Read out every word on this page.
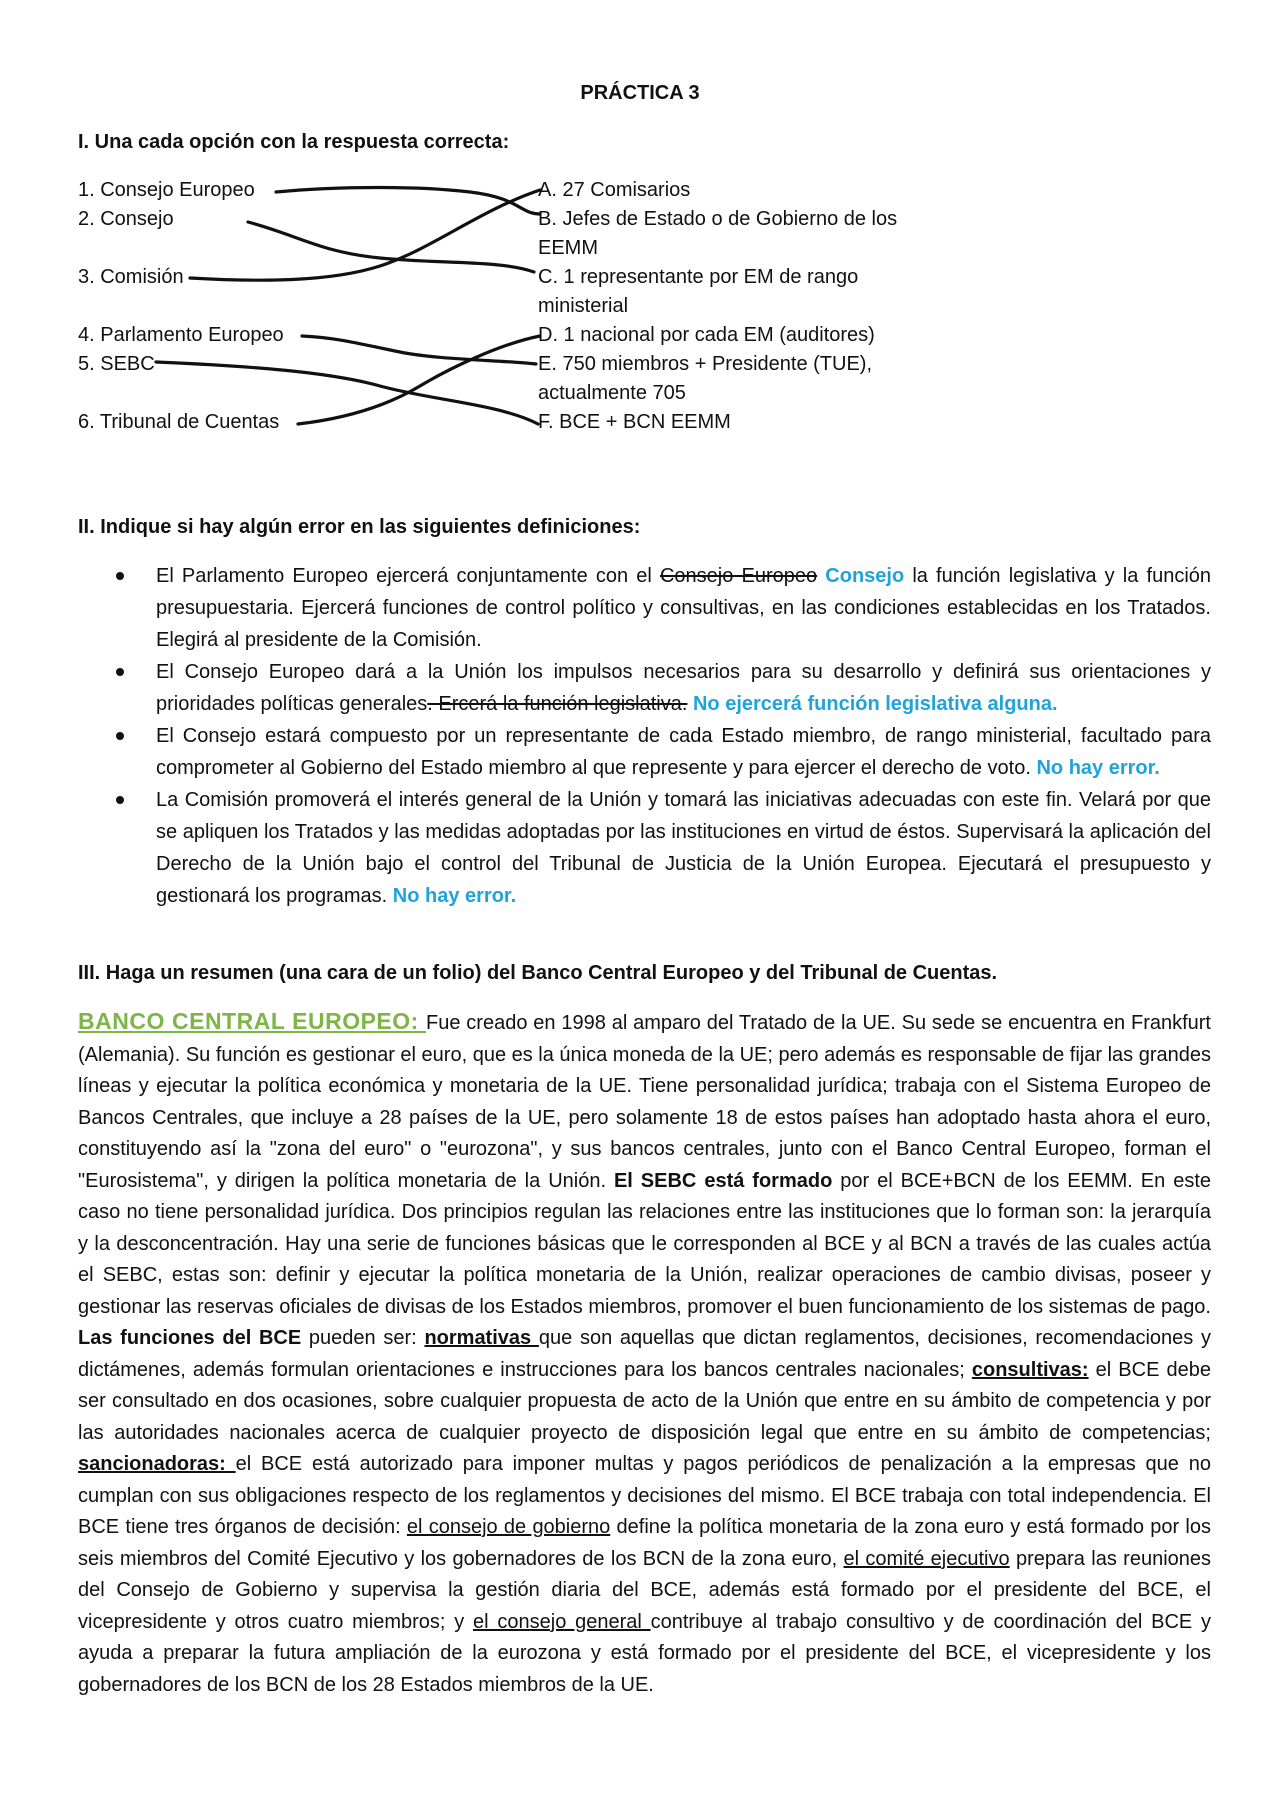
PRÁCTICA 3
I. Una cada opción con la respuesta correcta:
1. Consejo Europeo
2. Consejo
3. Comisión
4. Parlamento Europeo
5. SEBC
6. Tribunal de Cuentas
A. 27 Comisarios
B. Jefes de Estado o de Gobierno de los
EEMM
C. 1 representante por EM de rango
ministerial
D. 1 nacional por cada EM (auditores)
E. 750 miembros + Presidente (TUE),
actualmente 705
F. BCE + BCN EEMM
II. Indique si hay algún error en las siguientes definiciones:
El Parlamento Europeo ejercerá conjuntamente con el Consejo Europeo Consejo la función legislativa y la función presupuestaria. Ejercerá funciones de control político y consultivas, en las condiciones establecidas en los Tratados. Elegirá al presidente de la Comisión.
El Consejo Europeo dará a la Unión los impulsos necesarios para su desarrollo y definirá sus orientaciones y prioridades políticas generales. Ercerá la función legislativa. No ejercerá función legislativa alguna.
El Consejo estará compuesto por un representante de cada Estado miembro, de rango ministerial, facultado para comprometer al Gobierno del Estado miembro al que represente y para ejercer el derecho de voto. No hay error.
La Comisión promoverá el interés general de la Unión y tomará las iniciativas adecuadas con este fin. Velará por que se apliquen los Tratados y las medidas adoptadas por las instituciones en virtud de éstos. Supervisará la aplicación del Derecho de la Unión bajo el control del Tribunal de Justicia de la Unión Europea. Ejecutará el presupuesto y gestionará los programas. No hay error.
III. Haga un resumen (una cara de un folio) del Banco Central Europeo y del Tribunal de Cuentas.
BANCO CENTRAL EUROPEO: Fue creado en 1998 al amparo del Tratado de la UE. Su sede se encuentra en Frankfurt (Alemania). Su función es gestionar el euro, que es la única moneda de la UE; pero además es responsable de fijar las grandes líneas y ejecutar la política económica y monetaria de la UE. Tiene personalidad jurídica; trabaja con el Sistema Europeo de Bancos Centrales, que incluye a 28 países de la UE, pero solamente 18 de estos países han adoptado hasta ahora el euro, constituyendo así la "zona del euro" o "eurozona", y sus bancos centrales, junto con el Banco Central Europeo, forman el "Eurosistema", y dirigen la política monetaria de la Unión. El SEBC está formado por el BCE+BCN de los EEMM. En este caso no tiene personalidad jurídica. Dos principios regulan las relaciones entre las instituciones que lo forman son: la jerarquía y la desconcentración. Hay una serie de funciones básicas que le corresponden al BCE y al BCN a través de las cuales actúa el SEBC, estas son: definir y ejecutar la política monetaria de la Unión, realizar operaciones de cambio divisas, poseer y gestionar las reservas oficiales de divisas de los Estados miembros, promover el buen funcionamiento de los sistemas de pago. Las funciones del BCE pueden ser: normativas que son aquellas que dictan reglamentos, decisiones, recomendaciones y dictámenes, además formulan orientaciones e instrucciones para los bancos centrales nacionales; consultivas: el BCE debe ser consultado en dos ocasiones, sobre cualquier propuesta de acto de la Unión que entre en su ámbito de competencia y por las autoridades nacionales acerca de cualquier proyecto de disposición legal que entre en su ámbito de competencias; sancionadoras: el BCE está autorizado para imponer multas y pagos periódicos de penalización a la empresas que no cumplan con sus obligaciones respecto de los reglamentos y decisiones del mismo. El BCE trabaja con total independencia. El BCE tiene tres órganos de decisión: el consejo de gobierno define la política monetaria de la zona euro y está formado por los seis miembros del Comité Ejecutivo y los gobernadores de los BCN de la zona euro, el comité ejecutivo prepara las reuniones del Consejo de Gobierno y supervisa la gestión diaria del BCE, además está formado por el presidente del BCE, el vicepresidente y otros cuatro miembros; y el consejo general contribuye al trabajo consultivo y de coordinación del BCE y ayuda a preparar la futura ampliación de la eurozona y está formado por el presidente del BCE, el vicepresidente y los gobernadores de los BCN de los 28 Estados miembros de la UE.
